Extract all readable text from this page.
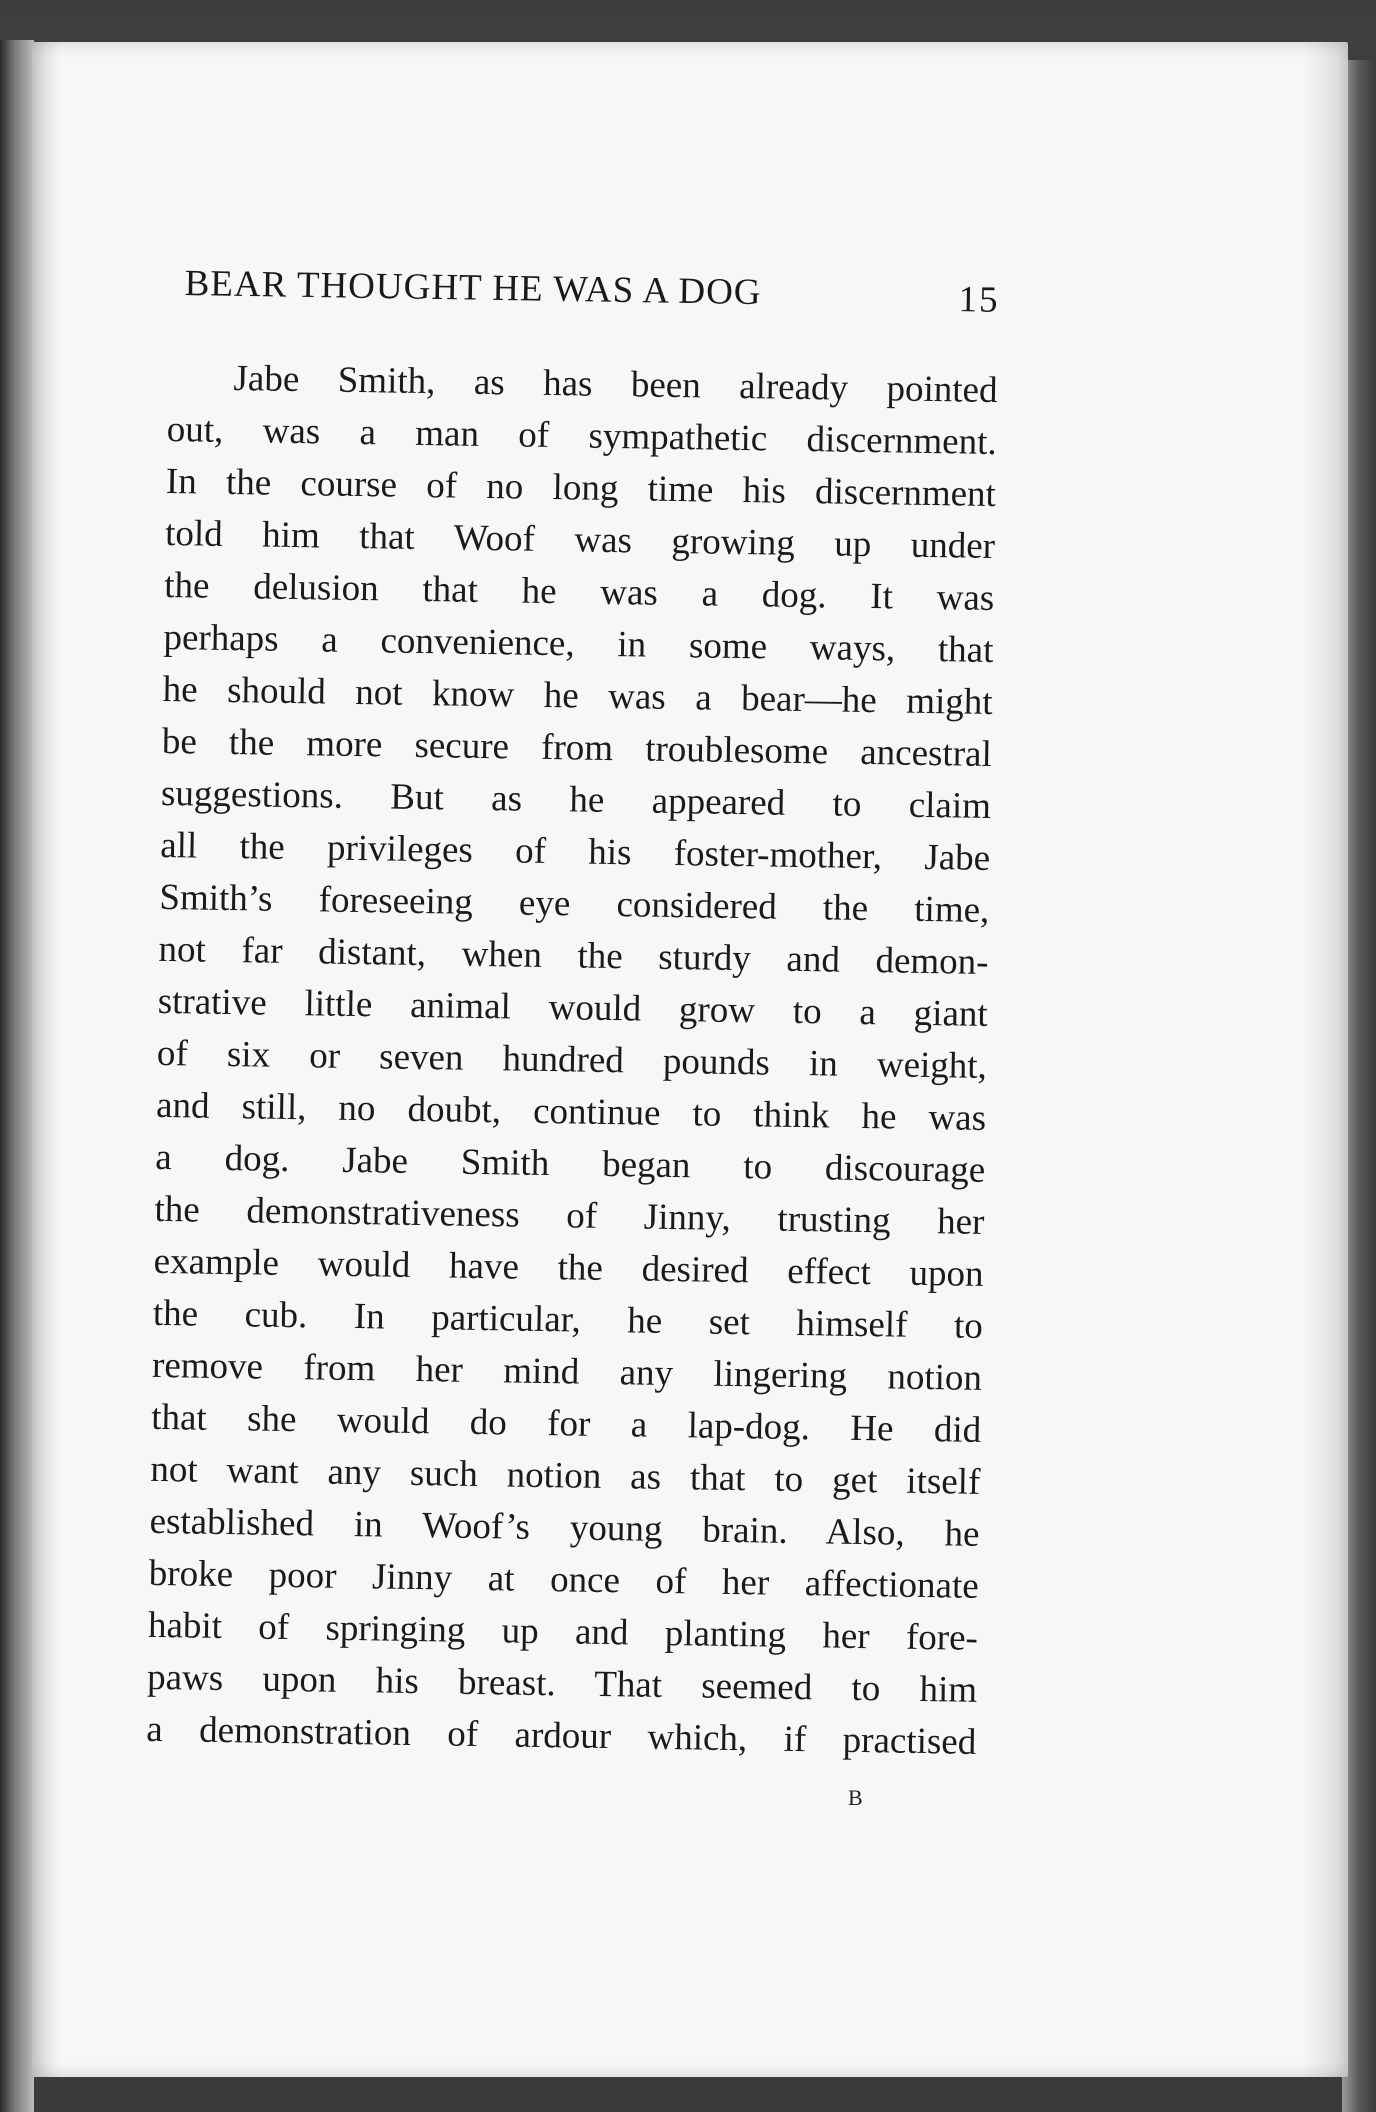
BEAR THOUGHT HE WAS A DOG	15
Jabe Smith, as has been already pointed
out, was a man of sympathetic discernment.
In the course of no long time his discernment
told him that Woof was growing up under
the delusion that he was a dog. It was
perhaps a convenience, in some ways, that
he should not know he was a bear—he might
be the more secure from troublesome ancestral
suggestions. But as he appeared to claim
all the privileges of his foster-mother, Jabe
Smith’s foreseeing eye considered the time,
not far distant, when the sturdy and demon-
strative little animal would grow to a giant
of six or seven hundred pounds in weight,
and still, no doubt, continue to think he was
a dog. Jabe Smith began to discourage
the demonstrativeness of Jinny, trusting her
example would have the desired effect upon
the cub. In particular, he set himself to
remove from her mind any lingering notion
that she would do for a lap-dog. He did
not want any such notion as that to get itself
established in Woof’s young brain. Also, he
broke poor Jinny at once of her affectionate
habit of springing up and planting her fore-
paws upon his breast. That seemed to him
a demonstration of ardour which, if practised
B
